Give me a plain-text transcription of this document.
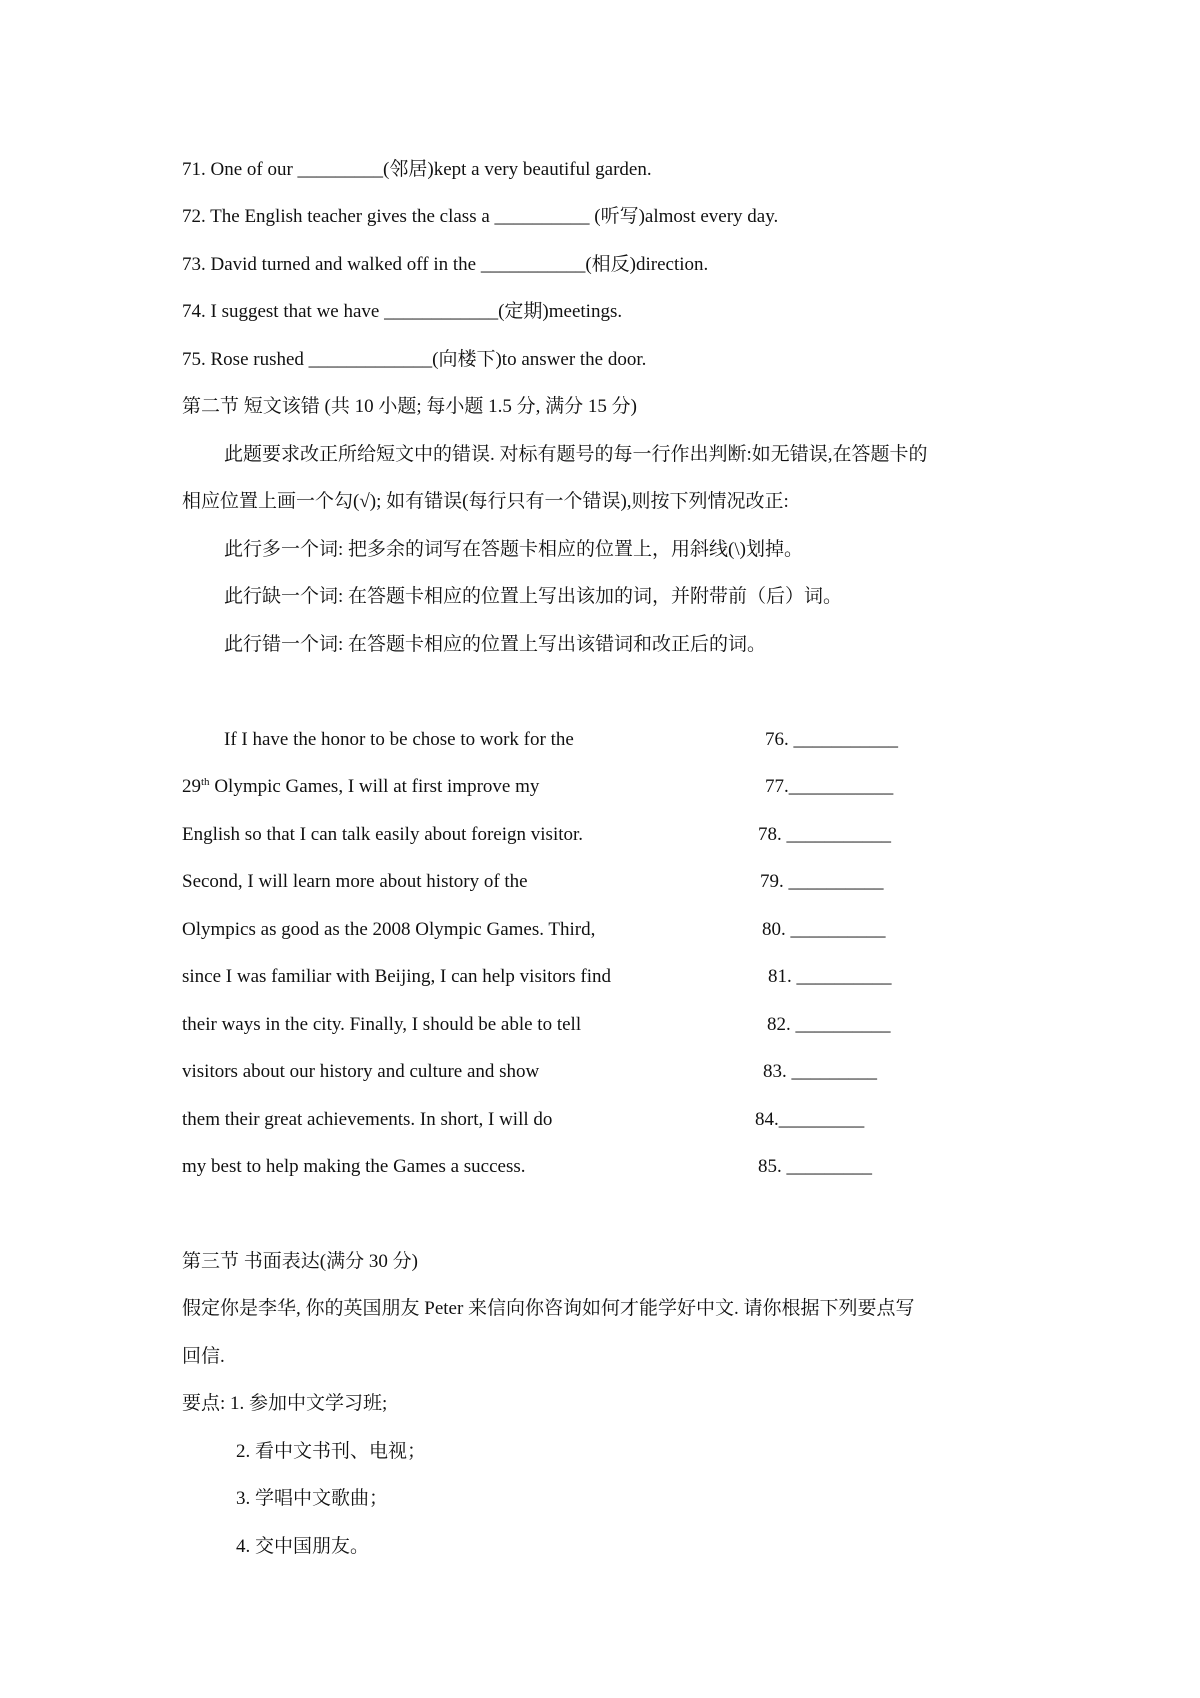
71. One of our _________(邻居)kept a very beautiful garden.
72. The English teacher gives the class a __________ (听写)almost every day.
73. David turned and walked off in the ___________(相反)direction.
74. I suggest that we have ____________(定期)meetings.
75. Rose rushed _____________(向楼下)to answer the door.
第二节 短文该错 (共 10 小题; 每小题 1.5 分, 满分 15 分)
此题要求改正所给短文中的错误. 对标有题号的每一行作出判断:如无错误,在答题卡的
相应位置上画一个勾(√); 如有错误(每行只有一个错误),则按下列情况改正:
此行多一个词: 把多余的词写在答题卡相应的位置上，用斜线(\)划掉。
此行缺一个词: 在答题卡相应的位置上写出该加的词，并附带前（后）词。
此行错一个词: 在答题卡相应的位置上写出该错词和改正后的词。
If I have the honor to be chose to work for the	76. ___________
29th Olympic Games, I will at first improve my	77.___________
English so that I can talk easily about foreign visitor.	78. ___________
Second, I will learn more about history of the	79. __________
Olympics as good as the 2008 Olympic Games. Third,	80. __________
since I was familiar with Beijing, I can help visitors find	81. __________
their ways in the city. Finally, I should be able to tell	82. __________
visitors about our history and culture and show	83. _________
them their great achievements. In short, I will do	84._________
my best to help making the Games a success.	85. _________
第三节 书面表达(满分 30 分)
假定你是李华, 你的英国朋友 Peter 来信向你咨询如何才能学好中文. 请你根据下列要点写
回信.
要点: 1. 参加中文学习班;
2. 看中文书刊、电视；
3. 学唱中文歌曲；
4. 交中国朋友。
